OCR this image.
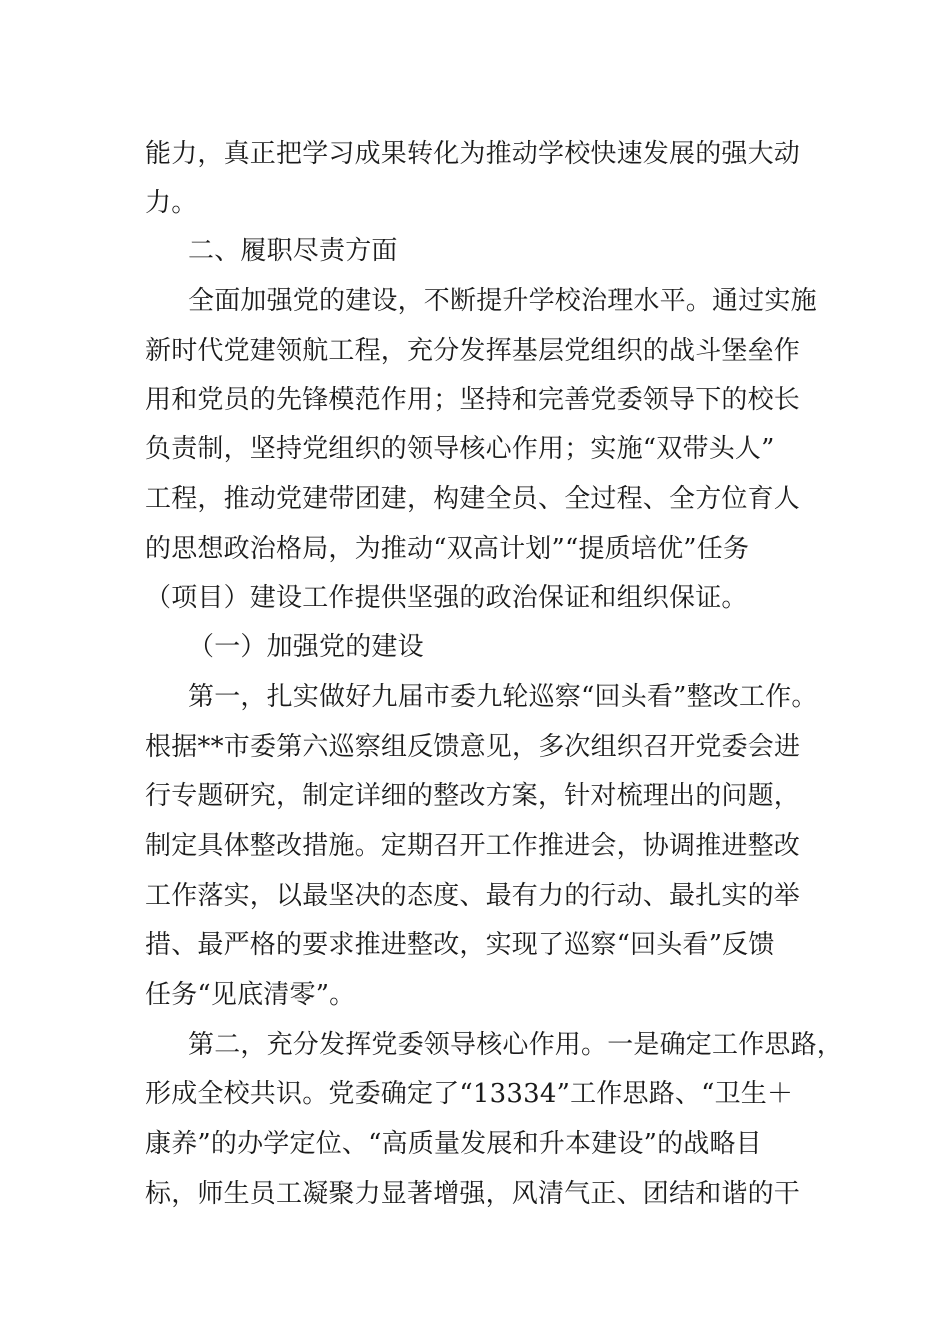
能力，真正把学习成果转化为推动学校快速发展的强大动
力。
二、履职尽责方面
全面加强党的建设，不断提升学校治理水平。通过实施
新时代党建领航工程，充分发挥基层党组织的战斗堡垒作
用和党员的先锋模范作用；坚持和完善党委领导下的校长
负责制，坚持党组织的领导核心作用；实施“双带头人”
工程，推动党建带团建，构建全员、全过程、全方位育人
的思想政治格局，为推动“双高计划”“提质培优”任务
（项目）建设工作提供坚强的政治保证和组织保证。
（一）加强党的建设
第一，扎实做好九届市委九轮巡察“回头看”整改工作。
根据**市委第六巡察组反馈意见，多次组织召开党委会进
行专题研究，制定详细的整改方案，针对梳理出的问题，
制定具体整改措施。定期召开工作推进会，协调推进整改
工作落实，以最坚决的态度、最有力的行动、最扎实的举
措、最严格的要求推进整改，实现了巡察“回头看”反馈
任务“见底清零”。
第二，充分发挥党委领导核心作用。一是确定工作思路，
形成全校共识。党委确定了“13334”工作思路、“卫生＋
康养”的办学定位、“高质量发展和升本建设”的战略目
标，师生员工凝聚力显著增强，风清气正、团结和谐的干
